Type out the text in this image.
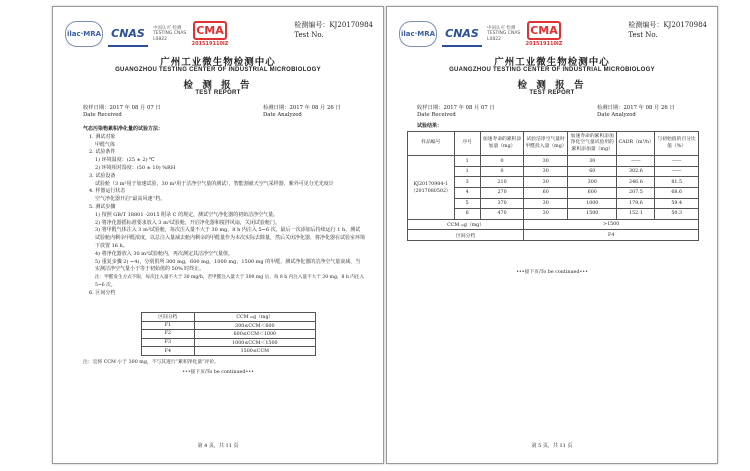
ilac·MRA CNAS	中国认可 检测 TESTING CNAS L0822
CMA
201519110IZ
检测编号：KJ20170984
Test No.
广州工业微生物检测中心
GUANGZHOU TESTING CENTER OF INDUSTRIAL MICROBIOLOGY
检 测 报 告
TEST REPORT
收样日期：2017 年 08 月 07 日
Date Received
检测日期：2017 年 08 月 26 日
Date Analyzed

气态污染物累积净化量的试验方法：

1. 测试对象

甲醛气体

2. 试验条件

1) 环境温度：(25 ± 2) ℃

2) 环境相对湿度：(50 ± 10) %RH

3. 试验设备

试验舱（3 m³用于加速试验，30 m³用于洁净空气量的测试），智能割就天空气采样器，紫外可见分光光度计

4. 样器运行状态

空气净化器开启“最高风速”档。

5. 测试步骤

1) 按照 GB/T 18801 -2015 附录 C 的规定，测试空气净化器的初始洁净空气量。

2) 将净化器摇标准要求放入 3 m³试验舱，开启净化器和搅拌风扇，关闭试验舱门。

3) 将甲醛气体注入 3 m³试验舱，每次注入量不大于 30 mg，8 h 内注入 5~6 次，最后一次添加后持续运行 1 h，测试试验舱内剩余甲醛浓度，以总注入量减去舱内剩余的甲醛量作为本次实际去除量，然后关闭净化器，将净化器在试验室环境下放置 16 h。

4) 将净化器放入 30 m³试验舱内，再次测定其洁净空气量值。

5) 重复步骤 2) ~4)，分别供所 300 mg，600 mg，1000 mg，1500 mg 的甲醛，测试净化器的洁净空气量衰减，当实测洁净空气量小于等于初始值的 50% 时终止。

注：甲醛发生方式不限，每次注入量不大于 30 mg/h，若甲醛注入量大于 300 mg 后，每 8 h 内注入量不大于 30 mg，8 h 内注入 5~6 次。

6. 区间分档

区间分档	CCM ₘg（mg）
F1	300≤CCM＜600
F2	600≤CCM＜1000
F3	1000≤CCM＜1500
F4	1500≤CCM
注：宜将 CCM 小于 300 mg，不与其进行“累积净化量”评价。
•••接下页/To be continued•••
第 4 页，共 11 页
ilac·MRA CNAS	中国认可 检测 TESTING CNAS L0822
CMA
201519110IZ
检测编号：KJ20170984
Test No.
广州工业微生物检测中心
GUANGZHOU TESTING CENTER OF INDUSTRIAL MICROBIOLOGY
检 测 报 告
TEST REPORT
收样日期：2017 年 08 月 07 日
Date Received
检测日期：2017 年 08 月 26 日
Date Analyzed

试验结果：

样品编号	序号	加速寿命的累积添加量（mg）	试验洁净空气量时甲醛投入量（mg）	加速寿命的累积添加净化空气量试验用的累积添加量（mg）	CADR（m³/h）	与初始值的百分比值（%）

KJ20170984-1
（2017080502）	1	0	30	30	——	——
	1	0	30	60	302.6	——
	3	210	30	300	246.6	81.5
	4	270	60	600	207.5	68.6
	5	370	30	1000	179.6	59.4
	6	470	30	1500	152.1	50.3
CCM ₘg（mg）			>1500			
区间分档			F4			
•••接下页/To be continued•••
第 5 页，共 11 页
